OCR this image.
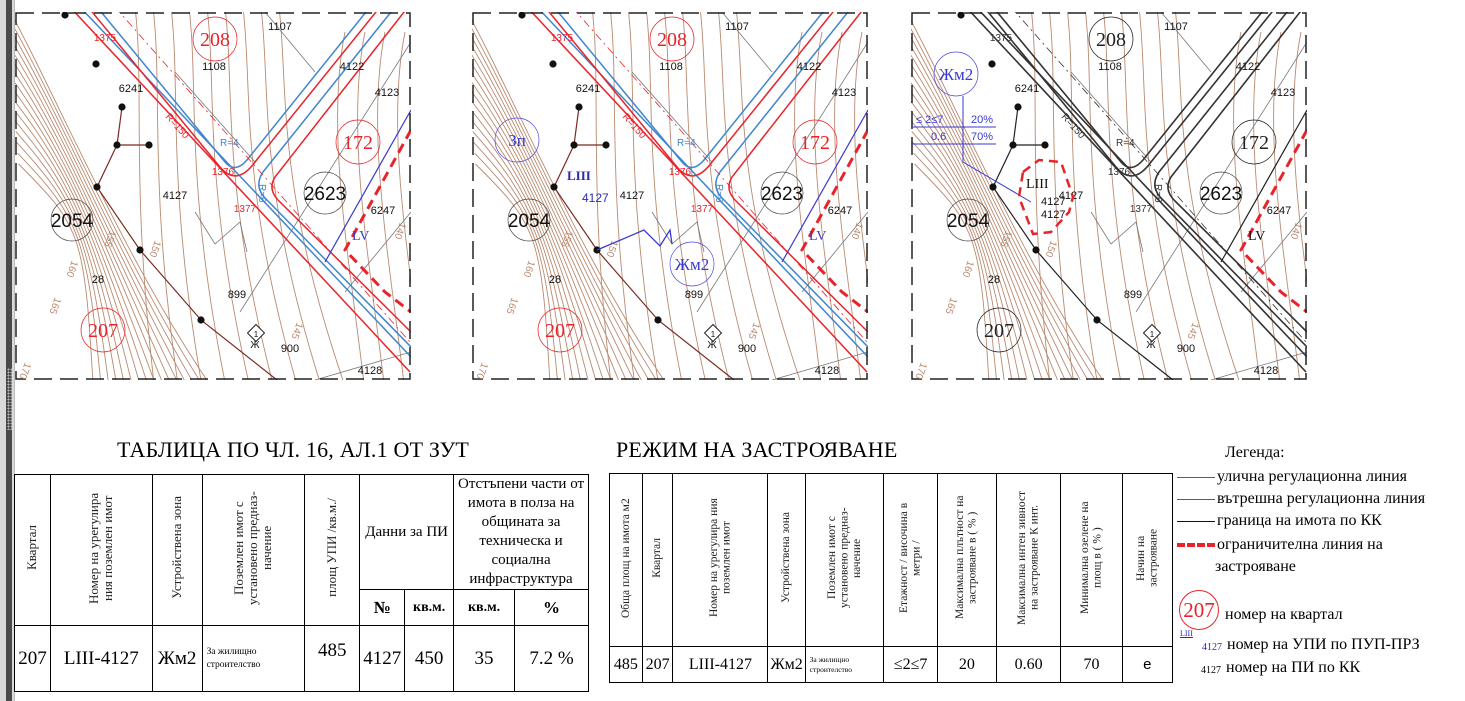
1107
1108	4122
4123
6241
4127
6247
28
899
900
4128
1375
1376
1377
R=150
R=4
R=6
208
172
207
2623
2054
150
155
160
165
170
145
140
LV
1
Ж
1107
1108	4122
4123
6241
4127
6247
28
899
900
4128
1375
1376
1377
R=150
R=4
R=6
208
172
207
2623
2054
150
155
160
165
170
145
140
LV
1
Ж
Зп
Жм2
LIII
4127
1107
1108	4122
4123
6241
4127
6247
28
899
900
4128
1375
1376
1377
R=150
R=4
R=6
208
172
207
2623
2054
150
155
160
165
170
145
140
LV
1
Ж
Жм2
≤ 2≤7	20%
0.6 70%
LIII
4127
4127
ТАБЛИЦА ПО ЧЛ. 16, АЛ.1 ОТ ЗУТ
Квартал	Номер на урегулира ния поземлен имот	Устройствена зона	Поземлен имот с установено предназ- начение	площ УПИ /кв.м./	Данни за ПИ		Отстъпени части от имота в полза на общината за техническа и социална инфраструктура	
					№	кв.м.	кв.м.	%
207	LIII-4127	Жм2	За жилищно строителство	485	4127	450	35	7.2 %
РЕЖИМ НА ЗАСТРОЯВАНЕ
Обща площ на имота м2	Квартал	Номер на урегулира ния поземлен имот	Устройствена зона	Поземлен имот с установено предназ- начение	Етажност / височина в метри /	Максимална плътност на застрояване в ( % )	Максимална интен зивност на застрояване К инт.	Минимална озелене на площ в ( % )	Начин на застрояване
485	207	LIII-4127	Жм2	За жилищно строителство	≤2≤7	20	0.60	70	е
Легенда:
улична регулационна линия
вътрешна регулационна линия
граница на имота по КК
ограничителна линия на
застрояване
207 номер на квартал
LIII
4127 номер на УПИ по ПУП-ПРЗ
4127 номер на ПИ по КК
